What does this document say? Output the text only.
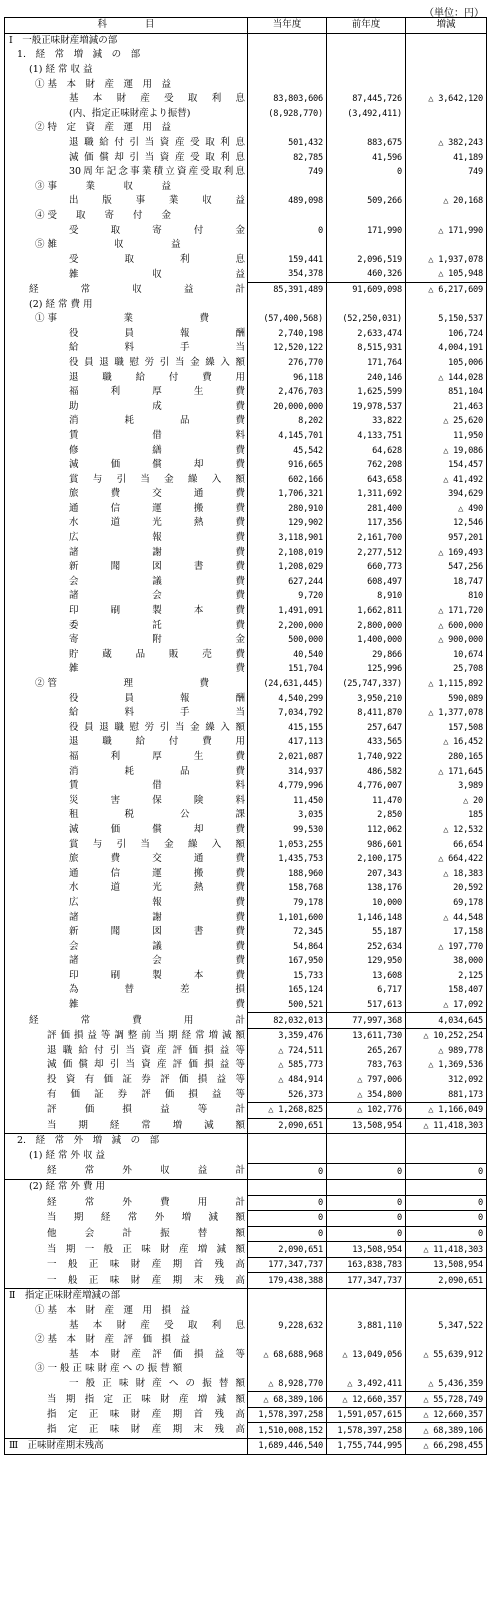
（単位：円）
科　　　　目	当年度	前年度	増減

Ⅰ　一般正味財産増減の部			

1.　経　常　増　減　の　部			

(1) 経 常 収 益			

① 基　本　財　産　運　用　益			

基本財産受取利息	83,803,606	87,445,726	△ 3,642,120

(内、指定正味財産より振替)	(8,928,770)	(3,492,411)	

② 特　定　資　産　運　用　益			

退職給付引当資産受取利息	501,432	883,675	△ 382,243

減価償却引当資産受取利息	82,785	41,596	41,189

30周年記念事業積立資産受取利息	749	0	749

③ 事　　　業　　　収　　　益			

出版事業収益	489,098	509,266	△ 20,168

④ 受　　取　　寄　　付　　金			

受取寄付金	0	171,990	△ 171,990

⑤ 雑　　　　　　収　　　　　益			

受取利息	159,441	2,096,519	△ 1,937,078

雑収益	354,378	460,326	△ 105,948

経常収益計	85,391,489	91,609,098	△ 6,217,609

(2) 経 常 費 用			

① 事　　　　　　　業　　　　　　　費	(57,400,568)	(52,250,031)	5,150,537

役員報酬	2,740,198	2,633,474	106,724

給料手当	12,520,122	8,515,931	4,004,191

役員退職慰労引当金繰入額	276,770	171,764	105,006

退職給付費用	96,118	240,146	△ 144,028

福利厚生費	2,476,703	1,625,599	851,104

助成費	20,000,000	19,978,537	21,463

消耗品費	8,202	33,822	△ 25,620

賃借料	4,145,701	4,133,751	11,950

修繕費	45,542	64,628	△ 19,086

減価償却費	916,665	762,208	154,457

賞与引当金繰入額	602,166	643,658	△ 41,492

旅費交通費	1,706,321	1,311,692	394,629

通信運搬費	280,910	281,400	△ 490

水道光熱費	129,902	117,356	12,546

広報費	3,118,901	2,161,700	957,201

諸謝費	2,108,019	2,277,512	△ 169,493

新聞図書費	1,208,029	660,773	547,256

会議費	627,244	608,497	18,747

諸会費	9,720	8,910	810

印刷製本費	1,491,091	1,662,811	△ 171,720

委託費	2,200,000	2,800,000	△ 600,000

寄附金	500,000	1,400,000	△ 900,000

貯蔵品販売費	40,540	29,866	10,674

雑費	151,704	125,996	25,708

② 管　　　　　　　理　　　　　　　費	(24,631,445)	(25,747,337)	△ 1,115,892

役員報酬	4,540,299	3,950,210	590,089

給料手当	7,034,792	8,411,870	△ 1,377,078

役員退職慰労引当金繰入額	415,155	257,647	157,508

退職給付費用	417,113	433,565	△ 16,452

福利厚生費	2,021,087	1,740,922	280,165

消耗品費	314,937	486,582	△ 171,645

賃借料	4,779,996	4,776,007	3,989

災害保険料	11,450	11,470	△ 20

租税公課	3,035	2,850	185

減価償却費	99,530	112,062	△ 12,532

賞与引当金繰入額	1,053,255	986,601	66,654

旅費交通費	1,435,753	2,100,175	△ 664,422

通信運搬費	188,960	207,343	△ 18,383

水道光熱費	158,768	138,176	20,592

広報費	79,178	10,000	69,178

諸謝費	1,101,600	1,146,148	△ 44,548

新聞図書費	72,345	55,187	17,158

会議費	54,864	252,634	△ 197,770

諸会費	167,950	129,950	38,000

印刷製本費	15,733	13,608	2,125

為替差損	165,124	6,717	158,407

雑費	500,521	517,613	△ 17,092

経常費用計	82,032,013	77,997,368	4,034,645

評価損益等調整前当期経常増減額	3,359,476	13,611,730	△ 10,252,254

退職給付引当資産評価損益等	△ 724,511	265,267	△ 989,778

減価償却引当資産評価損益等	△ 585,773	783,763	△ 1,369,536

投資有価証券評価損益等	△ 484,914	△ 797,006	312,092

有価証券評価損益等	526,373	△ 354,800	881,173

評価損益等計	△ 1,268,825	△ 102,776	△ 1,166,049

当期経常増減額	2,090,651	13,508,954	△ 11,418,303

2.　経　常　外　増　減　の　部			

(1) 経 常 外 収 益			

経常外収益計	0	0	0

(2) 経 常 外 費 用			

経常外費用計	0	0	0

当期経常外増減額	0	0	0

他会計振替額	0	0	0

当期一般正味財産増減額	2,090,651	13,508,954	△ 11,418,303

一般正味財産期首残高	177,347,737	163,838,783	13,508,954

一般正味財産期末残高	179,438,388	177,347,737	2,090,651

Ⅱ　指定正味財産増減の部			

① 基　本　財　産　運　用　損　益			

基本財産受取利息	9,228,632	3,881,110	5,347,522

② 基　本　財　産　評　価　損　益			

基本財産評価損益等	△ 68,688,968	△ 13,049,056	△ 55,639,912

③ 一 般 正 味 財 産 へ の 振 替 額			

一般正味財産への振替額	△ 8,928,770	△ 3,492,411	△ 5,436,359

当期指定正味財産増減額	△ 68,389,106	△ 12,660,357	△ 55,728,749

指定正味財産期首残高	1,578,397,258	1,591,057,615	△ 12,660,357

指定正味財産期末残高	1,510,008,152	1,578,397,258	△ 68,389,106

Ⅲ　正味財産期末残高	1,689,446,540	1,755,744,995	△ 66,298,455
